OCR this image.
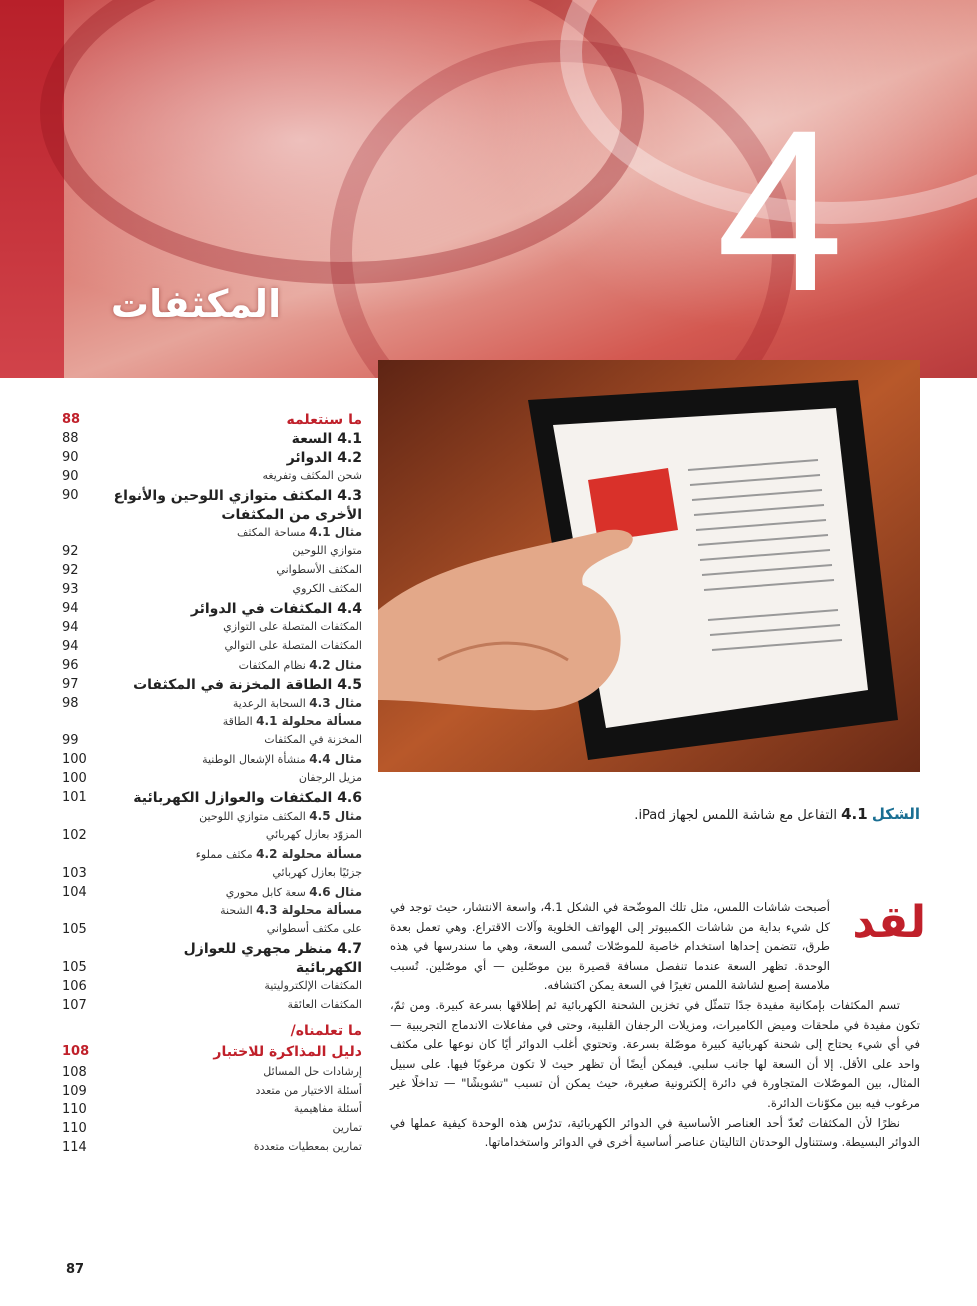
4
المكثفات
الشكل 4.1 التفاعل مع شاشة اللمس لجهاز iPad.
ما سنتعلمه
88
4.1 السعة
88
4.2 الدوائر
90
شحن المكثف وتفريغه
90
4.3 المكثف متوازي اللوحين والأنواع
90
الأخرى من المكثفات
مثال 4.1 مساحة المكثف
متوازي اللوحين
92
المكثف الأسطواني
92
المكثف الكروي
93
4.4 المكثفات في الدوائر
94
المكثفات المتصلة على التوازي
94
المكثفات المتصلة على التوالي
94
مثال 4.2 نظام المكثفات
96
4.5 الطاقة المخزنة في المكثفات
97
مثال 4.3 السحابة الرعدية
98
مسألة محلولة 4.1 الطاقة
المخزنة في المكثفات
99
مثال 4.4 منشأة الإشعال الوطنية
100
مزيل الرجفان
100
4.6 المكثفات والعوازل الكهربائية
101
مثال 4.5 المكثف متوازي اللوحين
المزوّد بعازل كهربائي
102
مسألة محلولة 4.2 مكثف مملوء
جزئيًا بعازل كهربائي
103
مثال 4.6 سعة كابل محوري
104
مسألة محلولة 4.3 الشحنة
على مكثف أسطواني
105
4.7 منظر مجهري للعوازل
الكهربائية
105
المكثفات الإلكتروليتية
106
المكثفات العائقة
107
ما تعلمناه/
دليل المذاكرة للاختبار
108
إرشادات حل المسائل
108
أسئلة الاختيار من متعدد
109
أسئلة مفاهيمية
110
تمارين
110
تمارين بمعطيات متعددة
114
لقد

أصبحت شاشات اللمس، مثل تلك الموضّحة في الشكل 4.1، واسعة الانتشار، حيث توجد في كل شيء بداية من شاشات الكمبيوتر إلى الهواتف الخلوية وآلات الاقتراع. وهي تعمل بعدة طرق، تتضمن إحداها استخدام خاصية للموصّلات تُسمى السعة، وهي ما سندرسها في هذه الوحدة. تظهر السعة عندما تنفصل مسافة قصيرة بين موصّلين — أي موصّلين. تُسبب ملامسة إصبع لشاشة اللمس تغيرًا في السعة يمكن اكتشافه.

تسم المكثفات بإمكانية مفيدة جدًا تتمثّل في تخزين الشحنة الكهربائية ثم إطلاقها بسرعة كبيرة. ومن ثمّ، تكون مفيدة في ملحقات وميض الكاميرات، ومزيلات الرجفان القلبية، وحتى في مفاعلات الاندماج التجريبية — في أي شيء يحتاج إلى شحنة كهربائية كبيرة موصّلة بسرعة. وتحتوي أغلب الدوائر أيًا كان نوعها على مكثف واحد على الأقل. إلا أن السعة لها جانب سلبي. فيمكن أيضًا أن تظهر حيث لا تكون مرغوبًا فيها. على سبيل المثال، بين الموصّلات المتجاورة في دائرة إلكترونية صغيرة، حيث يمكن أن تسبب "تشويشًا" — تداخلًا غير مرغوب فيه بين مكوّنات الدائرة.

نظرًا لأن المكثفات تُعدّ أحد العناصر الأساسية في الدوائر الكهربائية، تدرُس هذه الوحدة كيفية عملها في الدوائر البسيطة. وستتناول الوحدتان التاليتان عناصر أساسية أخرى في الدوائر واستخداماتها.

87
